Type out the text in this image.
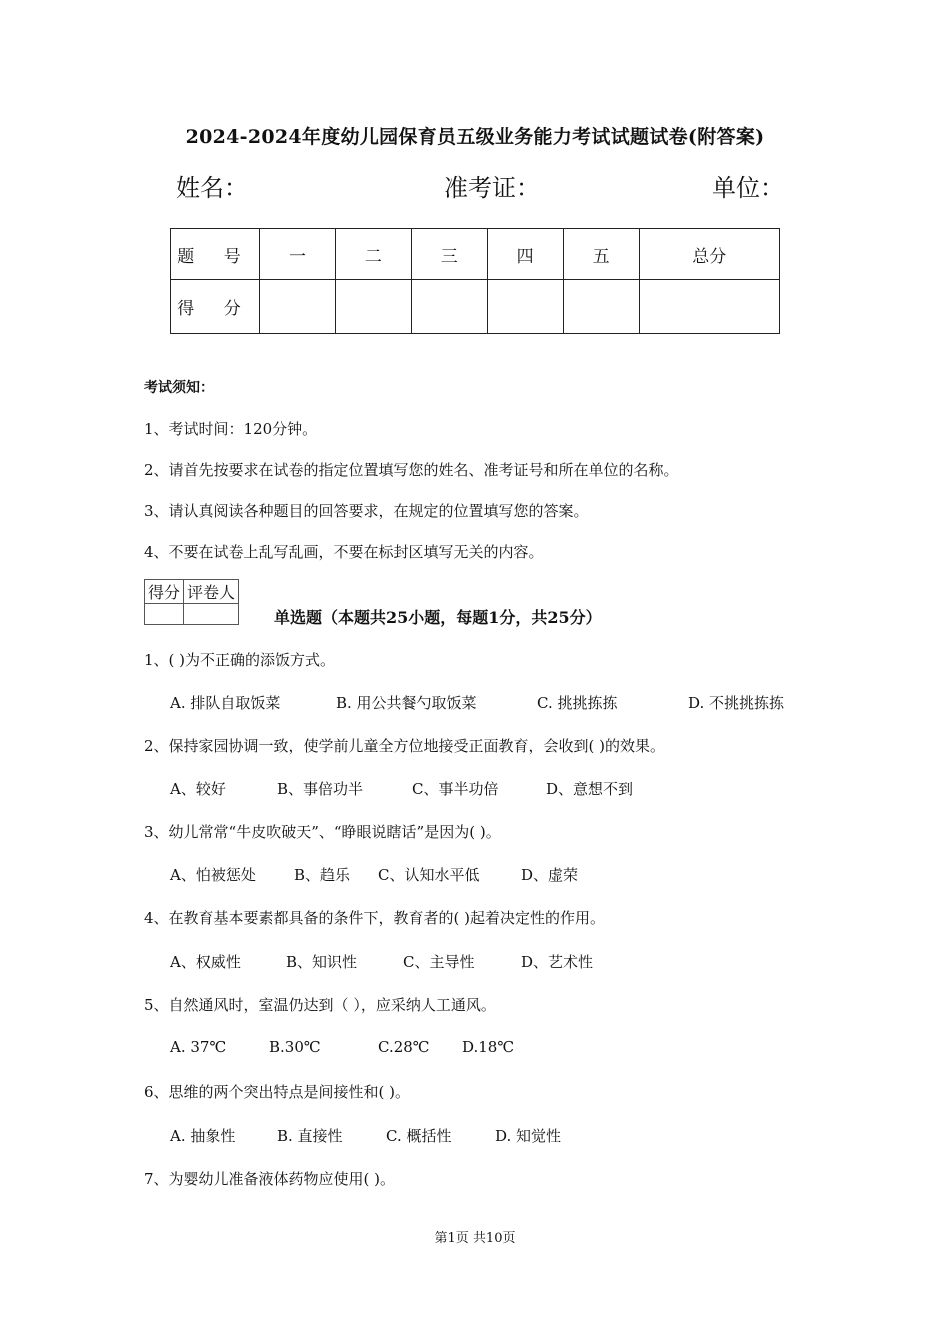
2024-2024年度幼儿园保育员五级业务能力考试试题试卷(附答案)
姓名：	准考证：	单位：
题 号	一	二	三	四	五	总分
得 分						
考试须知：
1、考试时间：120分钟。
2、请首先按要求在试卷的指定位置填写您的姓名、准考证号和所在单位的名称。
3、请认真阅读各种题目的回答要求，在规定的位置填写您的答案。
4、不要在试卷上乱写乱画，不要在标封区填写无关的内容。
得分	评卷人

单选题（本题共25小题，每题1分，共25分）
1、( )为不正确的添饭方式。
A. 排队自取饭菜	B. 用公共餐勺取饭菜	C. 挑挑拣拣	D. 不挑挑拣拣
2、保持家园协调一致，使学前儿童全方位地接受正面教育，会收到( )的效果。
A、较好	B、事倍功半	C、事半功倍	D、意想不到
3、幼儿常常“牛皮吹破天”、“睁眼说瞎话”是因为( )。
A、怕被惩处	B、趋乐 C、认知水平低	D、虚荣
4、在教育基本要素都具备的条件下，教育者的( )起着决定性的作用。
A、权威性	B、知识性	C、主导性	D、艺术性
5、自然通风时，室温仍达到（ ），应采纳人工通风。
A. 37℃	B.30℃	C.28℃ D.18℃
6、思维的两个突出特点是间接性和( )。
A. 抽象性	B. 直接性	C. 概括性	D. 知觉性
7、为婴幼儿准备液体药物应使用( )。
第1页 共10页
